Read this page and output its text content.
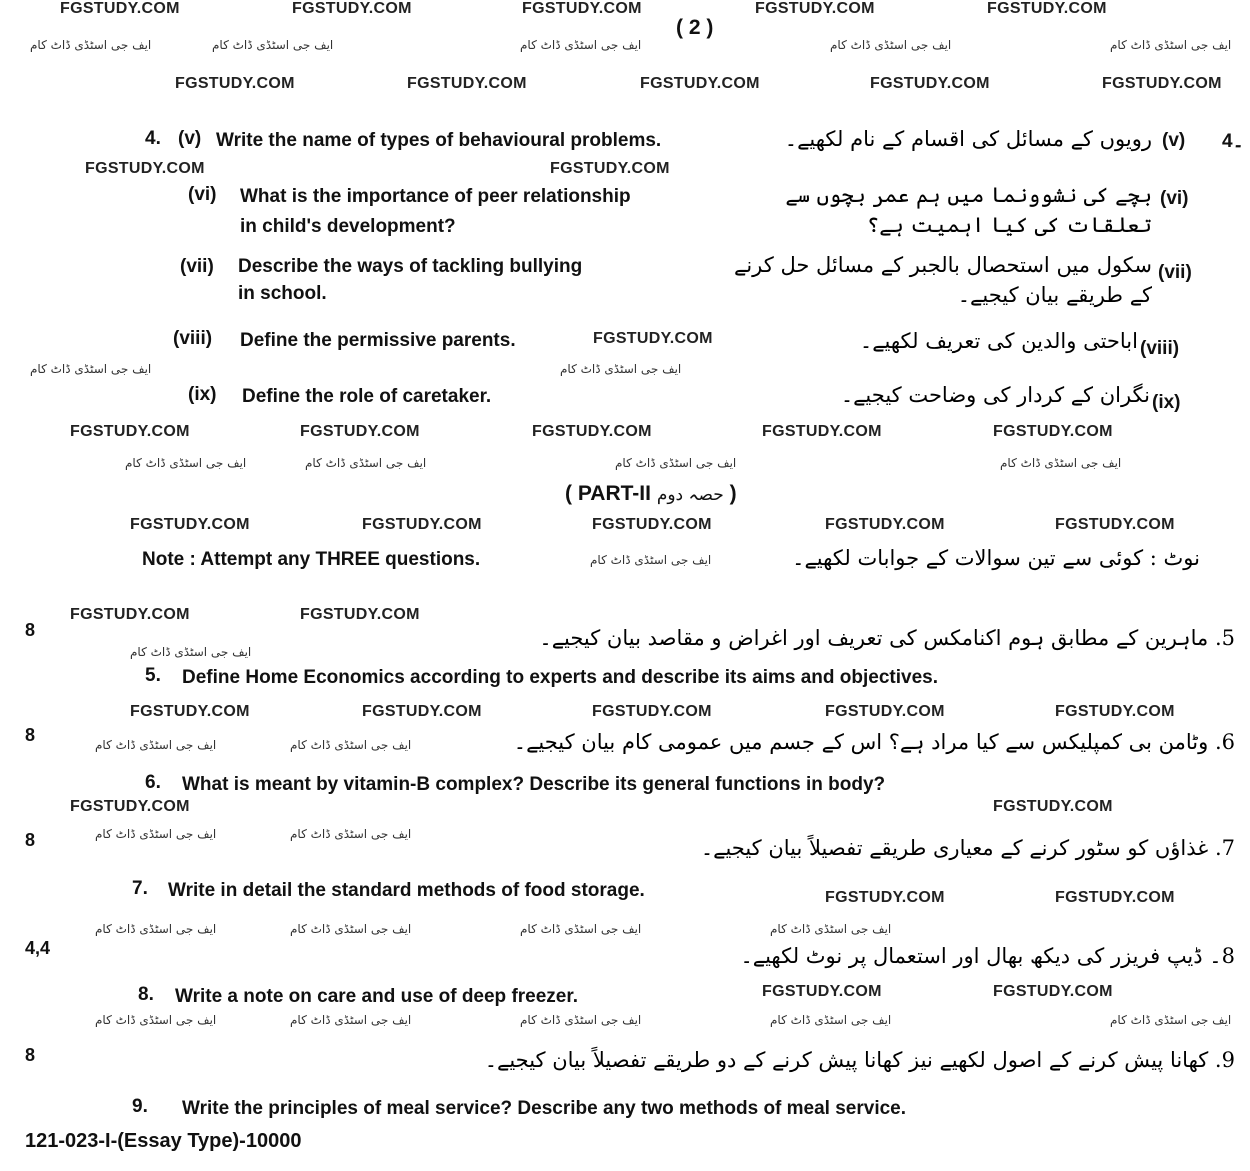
FGSTUDY.COM	FGSTUDY.COM	FGSTUDY.COM	FGSTUDY.COM	FGSTUDY.COM
( 2 )
ایف جی اسٹڈی ڈاٹ کام	ایف جی اسٹڈی ڈاٹ کام	ایف جی اسٹڈی ڈاٹ کام	ایف جی اسٹڈی ڈاٹ کام	ایف جی اسٹڈی ڈاٹ کام
FGSTUDY.COM	FGSTUDY.COM	FGSTUDY.COM	FGSTUDY.COM	FGSTUDY.COM
4. (v) Write the name of types of behavioural problems.	(v)
رویوں کے مسائل کی اقسام کے نام لکھیے۔	4۔
FGSTUDY.COM	FGSTUDY.COM
(vi) What is the importance of peer relationship
in child's development?
بچے کی نشوونما میں ہم عمر بچوں سے تعلقات کی کیا اہمیت ہے؟
(vi)
(vii) Describe the ways of tackling bullying
in school.
سکول میں استحصال بالجبر کے مسائل حل کرنے کے طریقے بیان کیجیے۔
(vii)
(viii) Define the permissive parents.	FGSTUDY.COM	اباحتی والدین کی تعریف لکھیے۔ (viii)
ایف جی اسٹڈی ڈاٹ کام	ایف جی اسٹڈی ڈاٹ کام
(ix) Define the role of caretaker.	نگران کے کردار کی وضاحت کیجیے۔ (ix)
FGSTUDY.COM	FGSTUDY.COM	FGSTUDY.COM	FGSTUDY.COM	FGSTUDY.COM
ایف جی اسٹڈی ڈاٹ کام	ایف جی اسٹڈی ڈاٹ کام	ایف جی اسٹڈی ڈاٹ کام	ایف جی اسٹڈی ڈاٹ کام
( PART-II حصہ دوم )
FGSTUDY.COM	FGSTUDY.COM	FGSTUDY.COM	FGSTUDY.COM	FGSTUDY.COM
Note : Attempt any THREE questions.	ایف جی اسٹڈی ڈاٹ کام	نوٹ : کوئی سے تین سوالات کے جوابات لکھیے۔
FGSTUDY.COM	FGSTUDY.COM
8	5. ماہرین کے مطابق ہوم اکنامکس کی تعریف اور اغراض و مقاصد بیان کیجیے۔
ایف جی اسٹڈی ڈاٹ کام
5. Define Home Economics according to experts and describe its aims and objectives.
FGSTUDY.COM	FGSTUDY.COM	FGSTUDY.COM	FGSTUDY.COM	FGSTUDY.COM
8	ایف جی اسٹڈی ڈاٹ کام	ایف جی اسٹڈی ڈاٹ کام	6. وٹامن بی کمپلیکس سے کیا مراد ہے؟ اس کے جسم میں عمومی کام بیان کیجیے۔
6. What is meant by vitamin-B complex? Describe its general functions in body?
FGSTUDY.COM	FGSTUDY.COM
8	ایف جی اسٹڈی ڈاٹ کام	ایف جی اسٹڈی ڈاٹ کام
7. غذاؤں کو سٹور کرنے کے معیاری طریقے تفصیلاً بیان کیجیے۔
7. Write in detail the standard methods of food storage.	FGSTUDY.COM	FGSTUDY.COM
ایف جی اسٹڈی ڈاٹ کام	ایف جی اسٹڈی ڈاٹ کام	ایف جی اسٹڈی ڈاٹ کام	ایف جی اسٹڈی ڈاٹ کام
4,4	8۔ ڈیپ فریزر کی دیکھ بھال اور استعمال پر نوٹ لکھیے۔
8. Write a note on care and use of deep freezer.	FGSTUDY.COM	FGSTUDY.COM
ایف جی اسٹڈی ڈاٹ کام	ایف جی اسٹڈی ڈاٹ کام	ایف جی اسٹڈی ڈاٹ کام	ایف جی اسٹڈی ڈاٹ کام	ایف جی اسٹڈی ڈاٹ کام
8	9. کھانا پیش کرنے کے اصول لکھیے نیز کھانا پیش کرنے کے دو طریقے تفصیلاً بیان کیجیے۔
9. Write the principles of meal service? Describe any two methods of meal service.
121-023-I-(Essay Type)-10000
